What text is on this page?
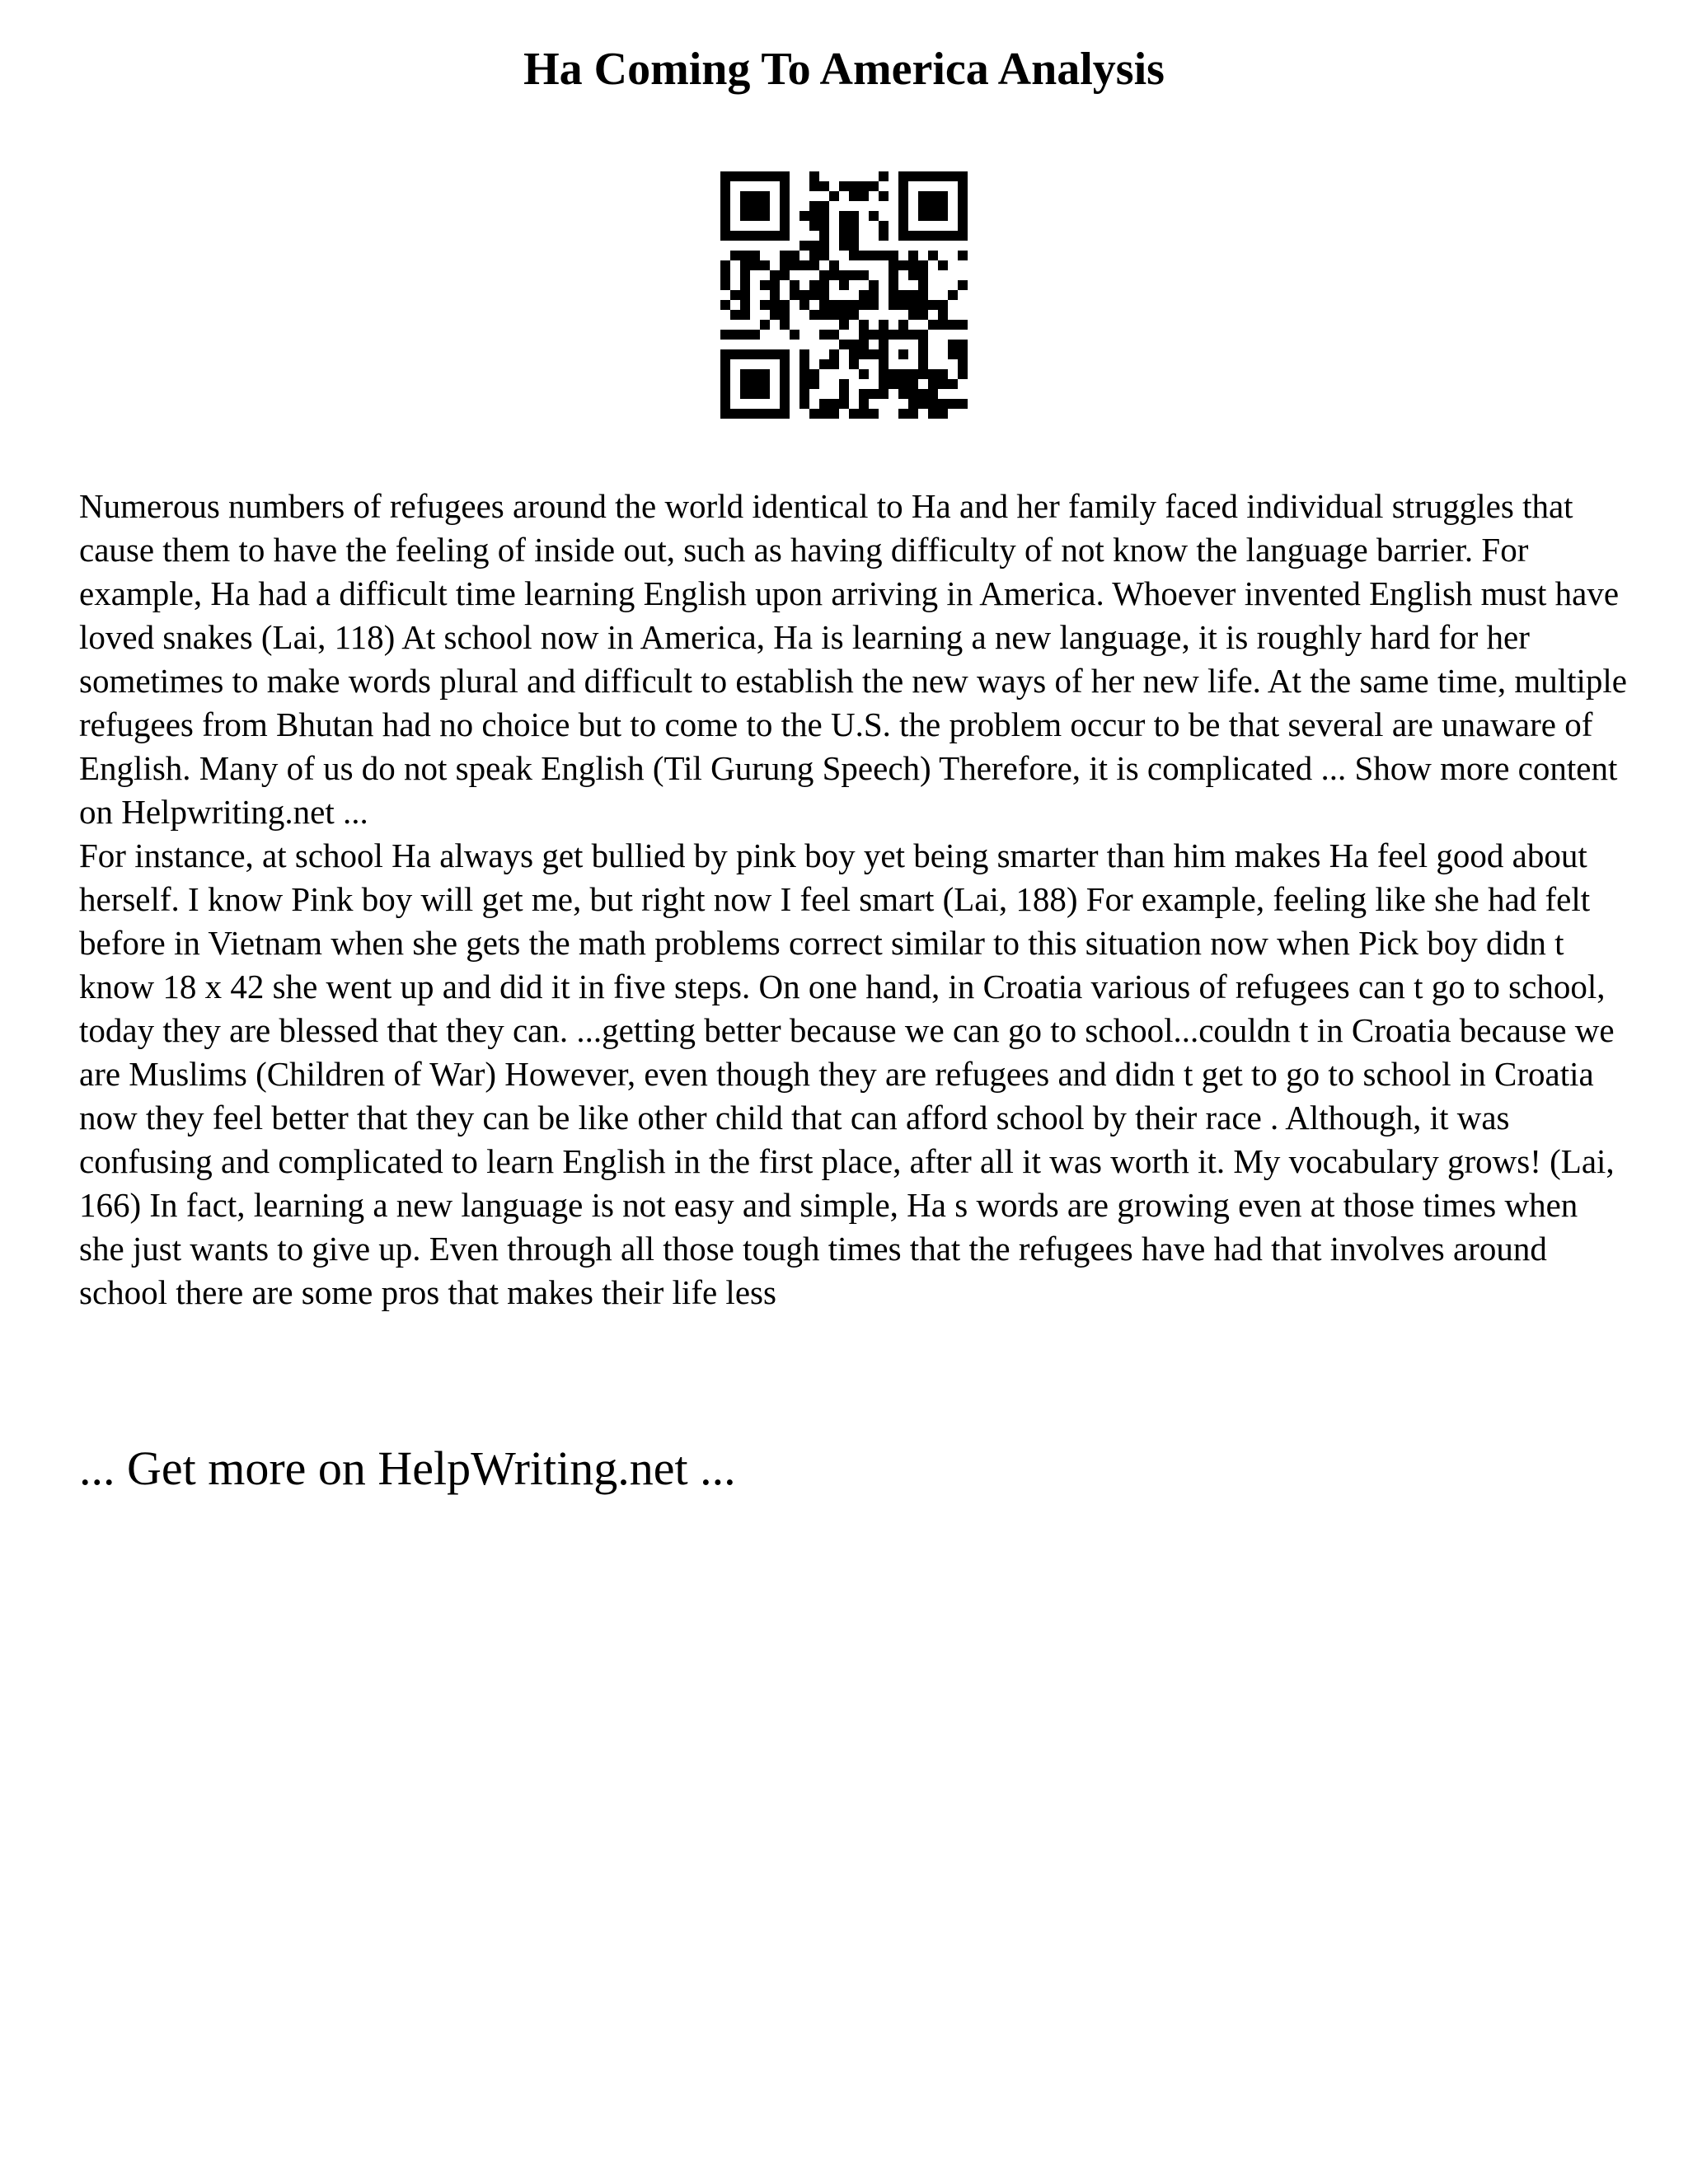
Ha Coming To America Analysis

Numerous numbers of refugees around the world identical to Ha and her family faced individual struggles that cause them to have the feeling of inside out, such as having difficulty of not know the language barrier. For example, Ha had a difficult time learning English upon arriving in America. Whoever invented English must have loved snakes (Lai, 118) At school now in America, Ha is learning a new language, it is roughly hard for her sometimes to make words plural and difficult to establish the new ways of her new life. At the same time, multiple refugees from Bhutan had no choice but to come to the U.S. the problem occur to be that several are unaware of English. Many of us do not speak English (Til Gurung Speech) Therefore, it is complicated ... Show more content on Helpwriting.net ...

For instance, at school Ha always get bullied by pink boy yet being smarter than him makes Ha feel good about herself. I know Pink boy will get me, but right now I feel smart (Lai, 188) For example, feeling like she had felt before in Vietnam when she gets the math problems correct similar to this situation now when Pick boy didn t know 18 x 42 she went up and did it in five steps. On one hand, in Croatia various of refugees can t go to school, today they are blessed that they can. ...getting better because we can go to school...couldn t in Croatia because we are Muslims (Children of War) However, even though they are refugees and didn t get to go to school in Croatia now they feel better that they can be like other child that can afford school by their race . Although, it was confusing and complicated to learn English in the first place, after all it was worth it. My vocabulary grows! (Lai, 166) In fact, learning a new language is not easy and simple, Ha s words are growing even at those times when she just wants to give up. Even through all those tough times that the refugees have had that involves around school there are some pros that makes their life less

... Get more on HelpWriting.net ...
